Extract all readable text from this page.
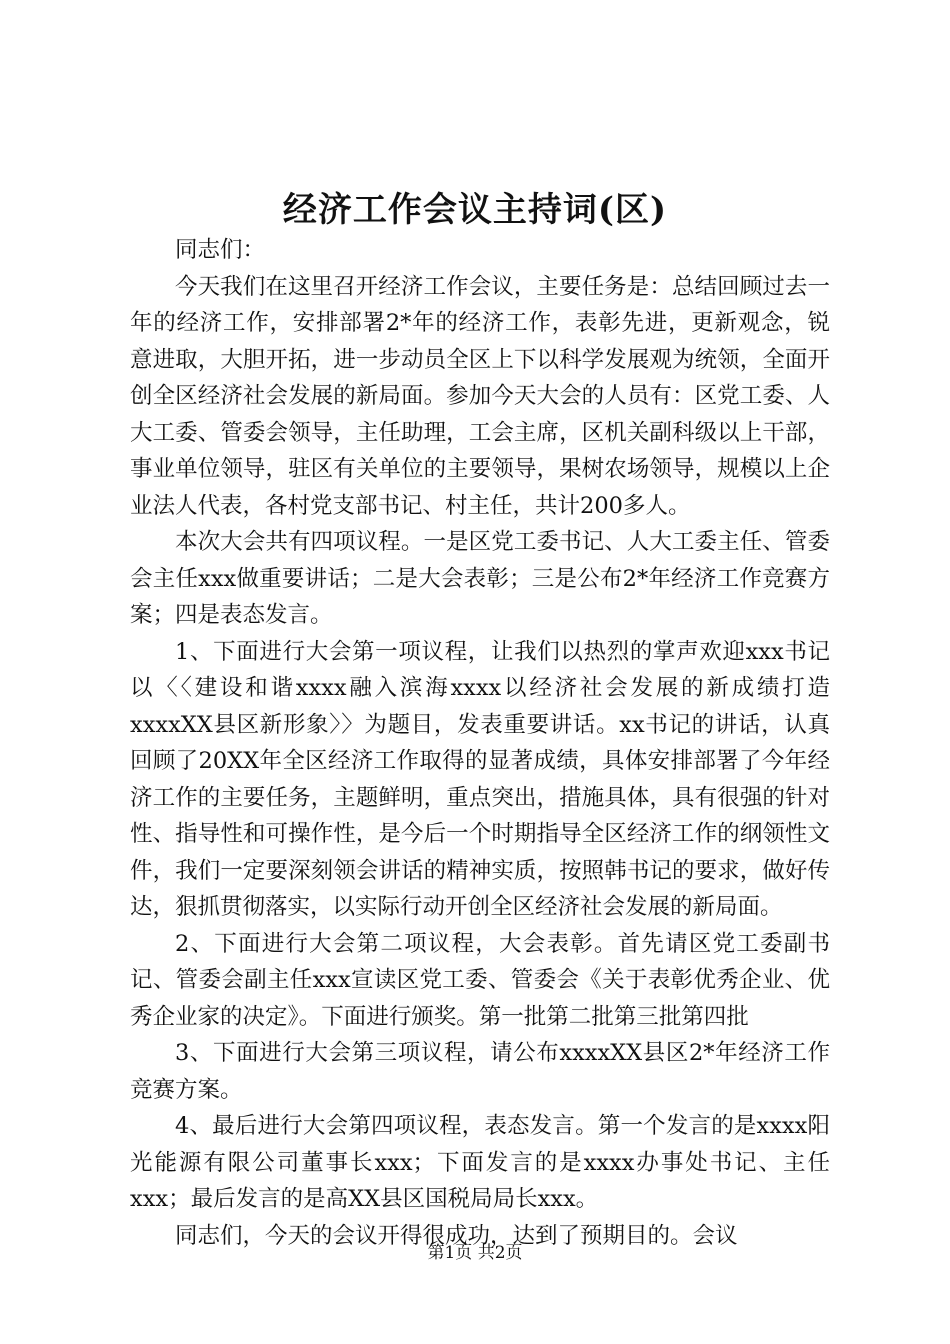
经济工作会议主持词(区)

同志们：

今天我们在这里召开经济工作会议，主要任务是：总结回顾过去一年的经济工作，安排部署2*年的经济工作，表彰先进，更新观念，锐意进取，大胆开拓，进一步动员全区上下以科学发展观为统领，全面开创全区经济社会发展的新局面。参加今天大会的人员有：区党工委、人大工委、管委会领导，主任助理，工会主席，区机关副科级以上干部，事业单位领导，驻区有关单位的主要领导，果树农场领导，规模以上企业法人代表，各村党支部书记、村主任，共计200多人。

本次大会共有四项议程。一是区党工委书记、人大工委主任、管委会主任xxx做重要讲话；二是大会表彰；三是公布2*年经济工作竞赛方案；四是表态发言。

1、下面进行大会第一项议程，让我们以热烈的掌声欢迎xxx书记以〈〈建设和谐xxxx融入滨海xxxx以经济社会发展的新成绩打造xxxxXX县区新形象〉〉为题目，发表重要讲话。xx书记的讲话，认真回顾了20XX年全区经济工作取得的显著成绩，具体安排部署了今年经济工作的主要任务，主题鲜明，重点突出，措施具体，具有很强的针对性、指导性和可操作性，是今后一个时期指导全区经济工作的纲领性文件，我们一定要深刻领会讲话的精神实质，按照韩书记的要求，做好传达，狠抓贯彻落实，以实际行动开创全区经济社会发展的新局面。

2、下面进行大会第二项议程，大会表彰。首先请区党工委副书记、管委会副主任xxx宣读区党工委、管委会《关于表彰优秀企业、优秀企业家的决定》。下面进行颁奖。第一批第二批第三批第四批

3、下面进行大会第三项议程，请公布xxxxXX县区2*年经济工作竞赛方案。

4、最后进行大会第四项议程，表态发言。第一个发言的是xxxx阳光能源有限公司董事长xxx；下面发言的是xxxx办事处书记、主任xxx；最后发言的是高XX县区国税局局长xxx。

同志们，今天的会议开得很成功，达到了预期目的。会议

第1页 共2页
